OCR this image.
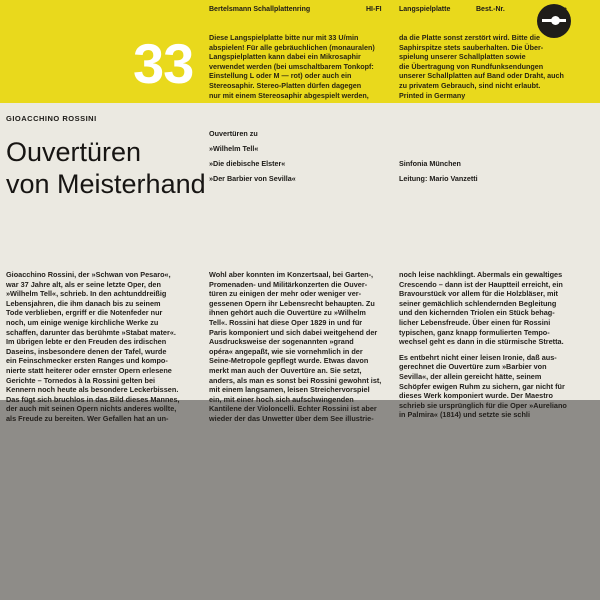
Bertelsmann Schallplattenring	HI-FI Langspielplatte	Best.-Nr.
33 Diese Langspielplatte bitte nur mit 33 U/min
abspielen! Für alle gebräuchlichen (monauralen)
Langspielplatten kann dabei ein Mikrosaphir
verwendet werden (bei umschaltbarem Tonkopf:
Einstellung L oder M — rot) oder auch ein
Stereosaphir. Stereo-Platten dürfen dagegen
nur mit einem Stereosaphir abgespielt werden,
da die Platte sonst zerstört wird. Bitte die
Saphirspitze stets sauberhalten. Die Über-
spielung unserer Schallplatten sowie
die Übertragung von Rundfunksendungen
unserer Schallplatten auf Band oder Draht, auch
zu privatem Gebrauch, sind nicht erlaubt.
Printed in Germany
GIOACCHINO ROSSINI
Ouvertüren
von Meisterhand
Ouvertüren zu
»Wilhelm Tell«
»Die diebische Elster«
»Der Barbier von Sevilla«
Sinfonia München
Leitung: Mario Vanzetti
Gioacchino Rossini, der »Schwan von Pesaro«,
war 37 Jahre alt, als er seine letzte Oper, den
»Wilhelm Tell«, schrieb. In den achtunddreißig
Lebensjahren, die ihm danach bis zu seinem
Tode verblieben, ergriff er die Notenfeder nur
noch, um einige wenige kirchliche Werke zu
schaffen, darunter das berühmte »Stabat mater«.
Im übrigen lebte er den Freuden des irdischen
Daseins, insbesondere denen der Tafel, wurde
ein Feinschmecker ersten Ranges und kompo-
nierte statt heiterer oder ernster Opern erlesene
Gerichte – Tornedos à la Rossini gelten bei
Kennern noch heute als besondere Leckerbissen.
Das fügt sich bruchlos in das Bild dieses Mannes,
der auch mit seinen Opern nichts anderes wollte,
als Freude zu bereiten. Wer Gefallen hat an un-
Wohl aber konnten im Konzertsaal, bei Garten-,
Promenaden- und Militärkonzerten die Ouver-
türen zu einigen der mehr oder weniger ver-
gessenen Opern ihr Lebensrecht behaupten. Zu
ihnen gehört auch die Ouvertüre zu »Wilhelm
Tell«. Rossini hat diese Oper 1829 in und für
Paris komponiert und sich dabei weitgehend der
Ausdrucksweise der sogenannten »grand
opéra« angepaßt, wie sie vornehmlich in der
Seine-Metropole gepflegt wurde. Etwas davon
merkt man auch der Ouvertüre an. Sie setzt,
anders, als man es sonst bei Rossini gewohnt ist,
mit einem langsamen, leisen Streichervorspiel
ein, mit einer hoch sich aufschwingenden
Kantilene der Violoncelli. Echter Rossini ist aber
wieder der das Unwetter über dem See illustrie-
noch leise nachklingt. Abermals ein gewaltiges
Crescendo – dann ist der Hauptteil erreicht, ein
Bravourstück vor allem für die Holzbläser, mit
seiner gemächlich schlendernden Begleitung
und den kichernden Triolen ein Stück behag-
licher Lebensfreude. Über einen für Rossini
typischen, ganz knapp formulierten Tempo-
wechsel geht es dann in die stürmische Stretta.
Es entbehrt nicht einer leisen Ironie, daß aus-
gerechnet die Ouvertüre zum »Barbier von
Sevilla«, der allein gereicht hätte, seinem
Schöpfer ewigen Ruhm zu sichern, gar nicht für
dieses Werk komponiert wurde. Der Maestro
schrieb sie ursprünglich für die Oper »Aureliano
in Palmira« (1814) und setzte sie schli
